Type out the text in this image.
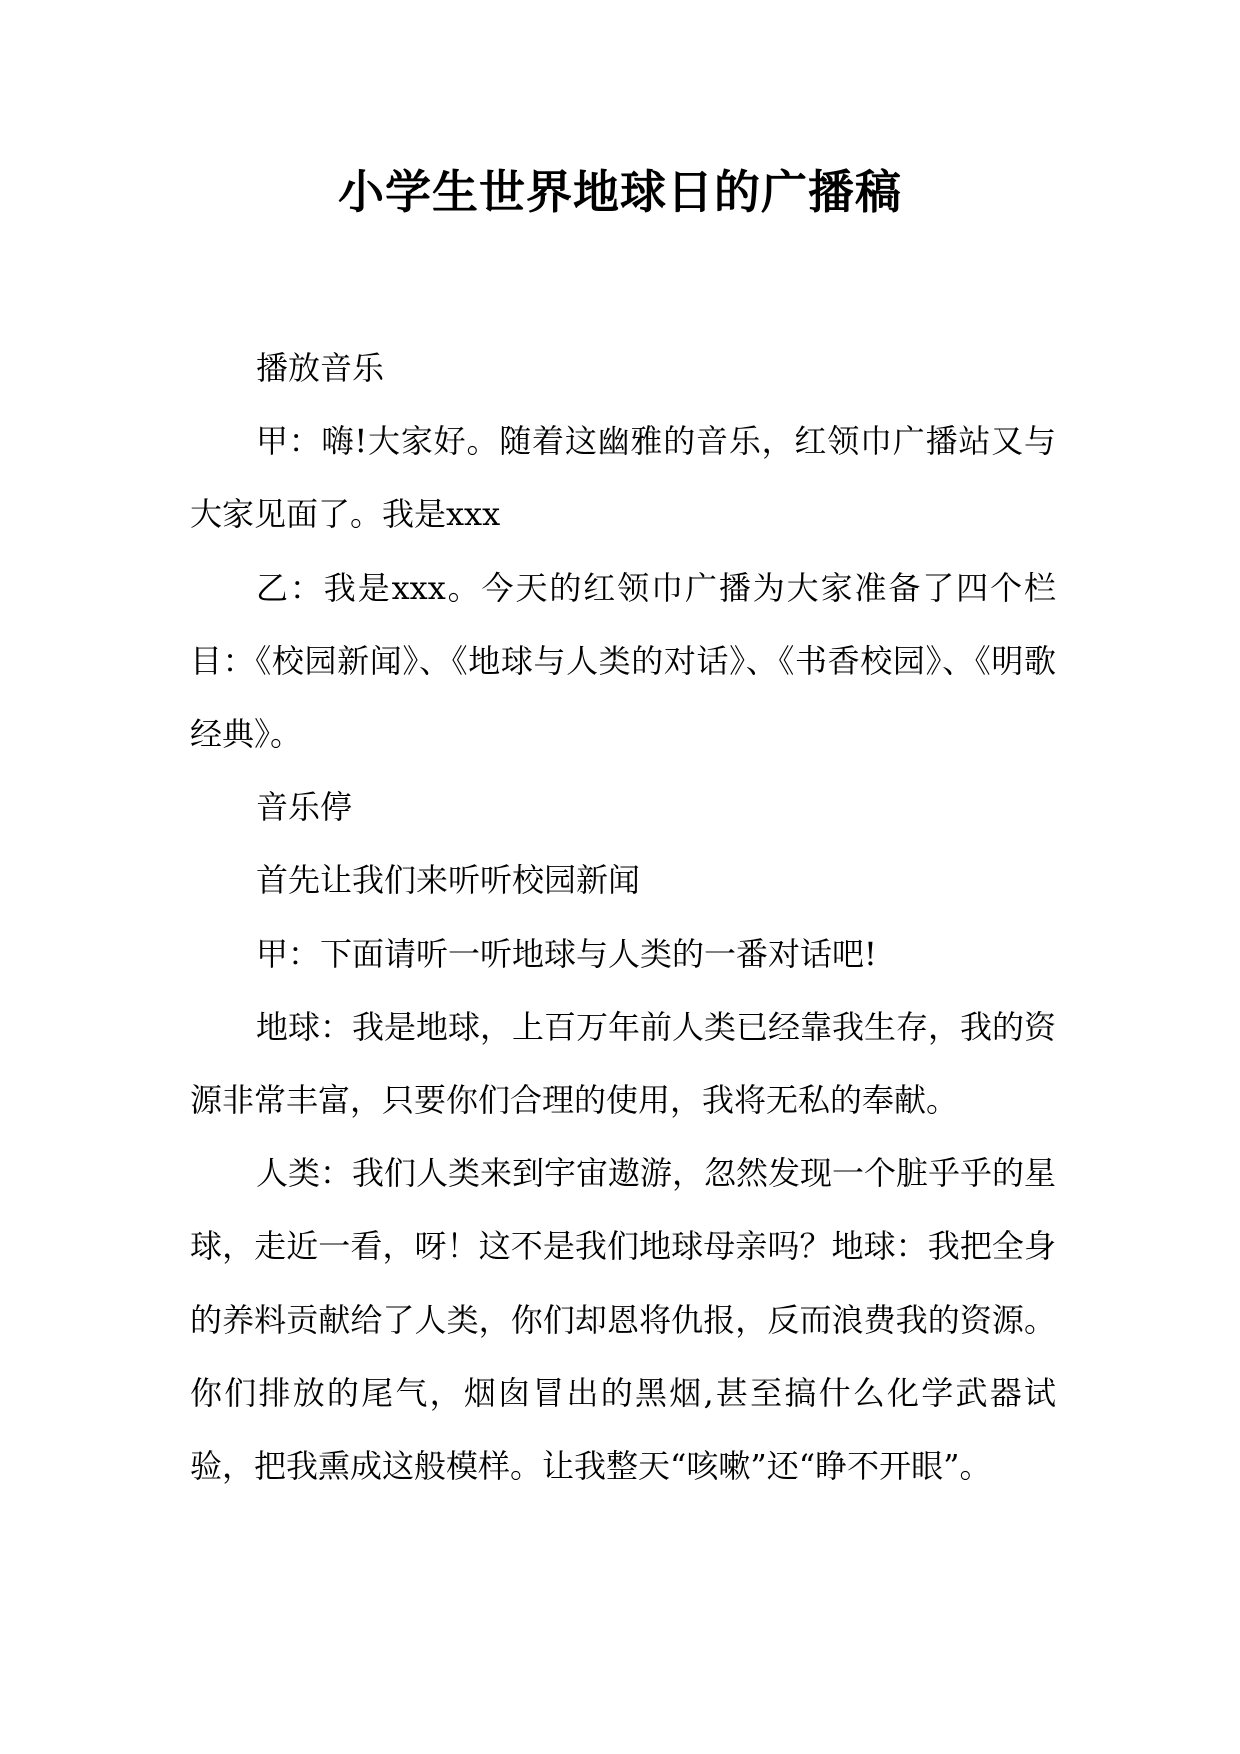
小学生世界地球日的广播稿

播放音乐

甲：嗨!大家好。随着这幽雅的音乐，红领巾广播站又与大家见面了。我是xxx

乙：我是xxx。今天的红领巾广播为大家准备了四个栏目：《校园新闻》、《地球与人类的对话》、《书香校园》、《明歌经典》。

音乐停

首先让我们来听听校园新闻

甲：下面请听一听地球与人类的一番对话吧!

地球：我是地球，上百万年前人类已经靠我生存，我的资源非常丰富，只要你们合理的使用，我将无私的奉献。

人类：我们人类来到宇宙遨游，忽然发现一个脏乎乎的星球，走近一看，呀！这不是我们地球母亲吗？地球：我把全身的养料贡献给了人类，你们却恩将仇报，反而浪费我的资源。你们排放的尾气，烟囱冒出的黑烟,甚至搞什么化学武器试验，把我熏成这般模样。让我整天“咳嗽”还“睁不开眼”。
